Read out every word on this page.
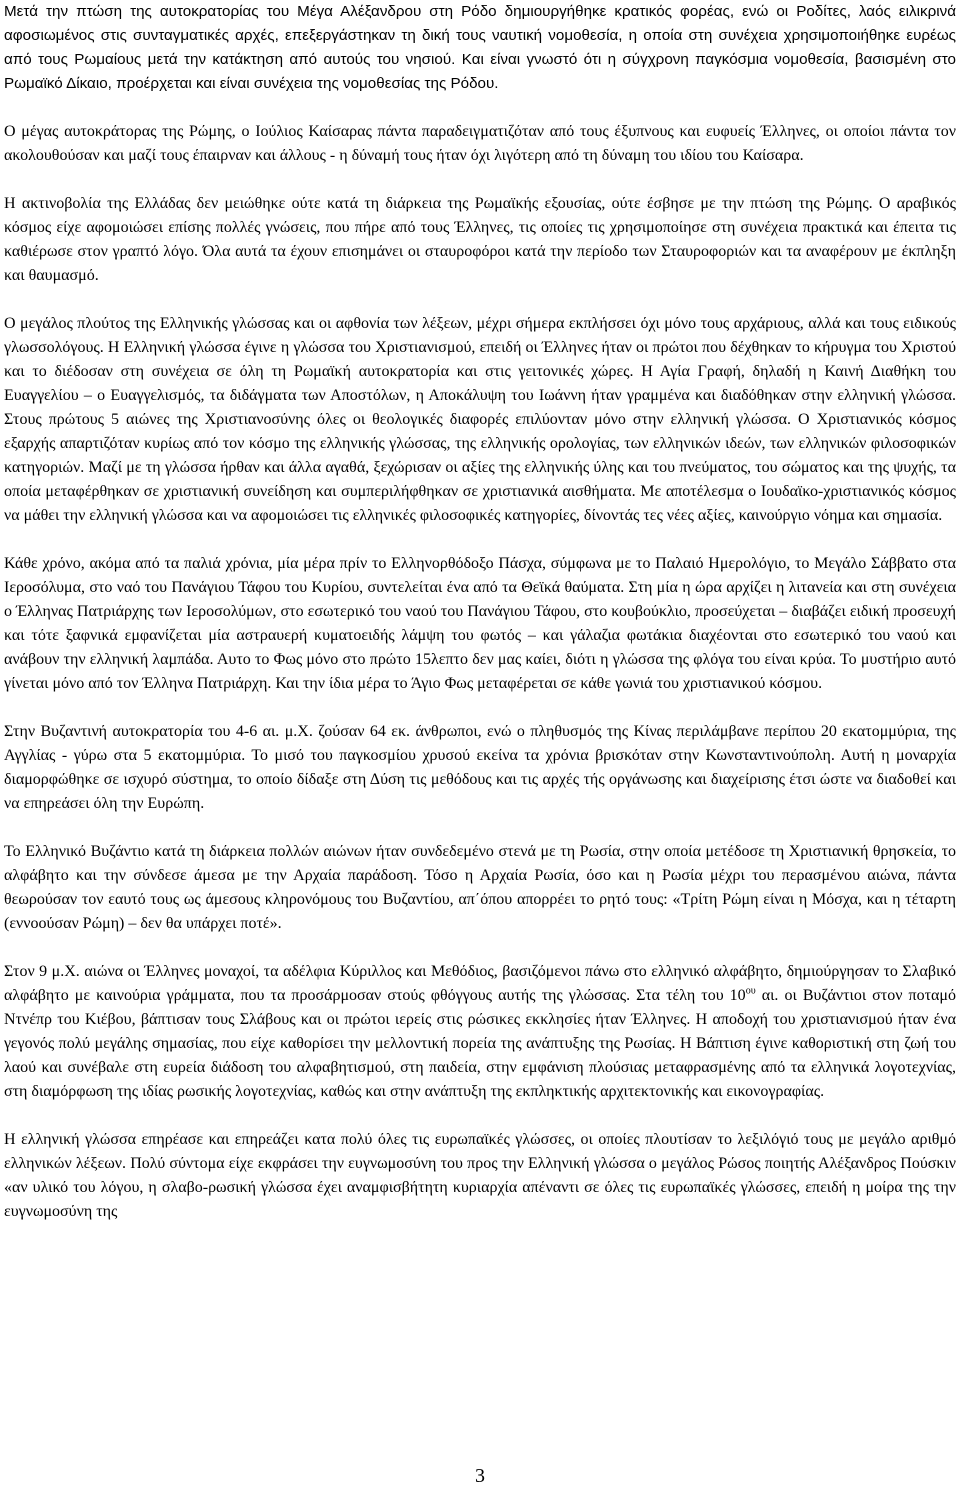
Μετά την πτώση της αυτοκρατορίας του Μέγα Αλέξανδρου στη Ρόδο δημιουργήθηκε κρατικός φορέας, ενώ οι Ροδίτες, λαός ειλικρινά αφοσιωμένος στις συνταγματικές αρχές, επεξεργάστηκαν τη δική τους ναυτική νομοθεσία, η οποία στη συνέχεια χρησιμοποιήθηκε ευρέως από τους Ρωμαίους μετά την κατάκτηση από αυτούς του νησιού. Και είναι γνωστό ότι η σύγχρονη παγκόσμια νομοθεσία, βασισμένη στο Ρωμαϊκό Δίκαιο, προέρχεται και είναι συνέχεια της νομοθεσίας της Ρόδου.

Ο μέγας αυτοκράτορας της Ρώμης, ο Ιούλιος Καίσαρας πάντα παραδειγματιζόταν από τους έξυπνους και ευφυείς Έλληνες, οι οποίοι πάντα τον ακολουθούσαν και μαζί τους έπαιρναν και άλλους - η δύναμή τους ήταν όχι λιγότερη από τη δύναμη του ιδίου του Καίσαρα.

Η ακτινοβολία της Ελλάδας δεν μειώθηκε ούτε κατά τη διάρκεια της Ρωμαϊκής εξουσίας, ούτε έσβησε με την πτώση της Ρώμης. Ο αραβικός κόσμος είχε αφομοιώσει επίσης πολλές γνώσεις, που πήρε από τους Έλληνες, τις οποίες τις χρησιμοποίησε στη συνέχεια πρακτικά και έπειτα τις καθιέρωσε στον γραπτό λόγο. Όλα αυτά τα έχουν επισημάνει οι σταυροφόροι κατά την περίοδο των Σταυροφοριών και τα αναφέρουν με έκπληξη και θαυμασμό.

Ο μεγάλος πλούτος της Ελληνικής γλώσσας και οι αφθονία των λέξεων, μέχρι σήμερα εκπλήσσει όχι μόνο τους αρχάριους, αλλά και τους ειδικούς γλωσσολόγους. Η Ελληνική γλώσσα έγινε η γλώσσα του Χριστιανισμού, επειδή οι Έλληνες ήταν οι πρώτοι που δέχθηκαν το κήρυγμα του Χριστού και το διέδοσαν στη συνέχεια σε όλη τη Ρωμαϊκή αυτοκρατορία και στις γειτονικές χώρες. Η Αγία Γραφή, δηλαδή η Καινή Διαθήκη του Ευαγγελίου – ο Ευαγγελισμός, τα διδάγματα των Αποστόλων, η Αποκάλυψη του Ιωάννη ήταν γραμμένα και διαδόθηκαν στην ελληνική γλώσσα. Στους πρώτους 5 αιώνες της Χριστιανοσύνης όλες οι θεολογικές διαφορές επιλύονταν μόνο στην ελληνική γλώσσα. Ο Χριστιανικός κόσμος εξαρχής απαρτιζόταν κυρίως από τον κόσμο της ελληνικής γλώσσας, της ελληνικής ορολογίας, των ελληνικών ιδεών, των ελληνικών φιλοσοφικών κατηγοριών. Μαζί με τη γλώσσα ήρθαν και άλλα αγαθά, ξεχώρισαν οι αξίες της ελληνικής ύλης και του πνεύματος, του σώματος και της ψυχής, τα οποία μεταφέρθηκαν σε χριστιανική συνείδηση και συμπεριλήφθηκαν σε χριστιανικά αισθήματα. Με αποτέλεσμα ο Ιουδαϊκο-χριστιανικός κόσμος να μάθει την ελληνική γλώσσα και να αφομοιώσει τις ελληνικές φιλοσοφικές κατηγορίες, δίνοντάς τες νέες αξίες, καινούργιο νόημα και σημασία.

Κάθε χρόνο, ακόμα από τα παλιά χρόνια, μία μέρα πρίν το Ελληνορθόδοξο Πάσχα, σύμφωνα με το Παλαιό Ημερολόγιο, το Μεγάλο Σάββατο στα Ιεροσόλυμα, στο ναό του Πανάγιου Τάφου του Κυρίου, συντελείται ένα από τα Θεϊκά θαύματα. Στη μία η ώρα αρχίζει η λιτανεία και στη συνέχεια ο Έλληνας Πατριάρχης των Ιεροσολύμων, στο εσωτερικό του ναού του Πανάγιου Τάφου, στο κουβούκλιο, προσεύχεται – διαβάζει ειδική προσευχή και τότε ξαφνικά εμφανίζεται μία αστραυερή κυματοειδής λάμψη του φωτός – και γάλαζια φωτάκια διαχέονται στο εσωτερικό του ναού και ανάβουν την ελληνική λαμπάδα. Αυτο το Φως μόνο στο πρώτο 15λεπτο δεν μας καίει, διότι η γλώσσα της φλόγα του είναι κρύα. Το μυστήριο αυτό γίνεται μόνο από τον Έλληνα Πατριάρχη. Και την ίδια μέρα το Άγιο Φως μεταφέρεται σε κάθε γωνιά του χριστιανικού κόσμου.

Στην Βυζαντινή αυτοκρατορία του 4-6 αι. μ.Χ. ζούσαν 64 εκ. άνθρωποι, ενώ ο πληθυσμός της Κίνας περιλάμβανε περίπου 20 εκατομμύρια, της Αγγλίας - γύρω στα 5 εκατομμύρια. Το μισό του παγκοσμίου χρυσού εκείνα τα χρόνια βρισκόταν στην Κωνσταντινούπολη. Αυτή η μοναρχία διαμορφώθηκε σε ισχυρό σύστημα, το οποίο δίδαξε στη Δύση τις μεθόδους και τις αρχές τής οργάνωσης και διαχείρισης έτσι ώστε να διαδοθεί και να επηρεάσει όλη την Ευρώπη.

Το Ελληνικό Βυζάντιο κατά τη διάρκεια πολλών αιώνων ήταν συνδεδεμένο στενά με τη Ρωσία, στην οποία μετέδοσε τη Χριστιανική θρησκεία, το αλφάβητο και την σύνδεσε άμεσα με την Αρχαία παράδοση. Τόσο η Αρχαία Ρωσία, όσο και η Ρωσία μέχρι του περασμένου αιώνα, πάντα θεωρούσαν τον εαυτό τους ως άμεσους κληρονόμους του Βυζαντίου, απ΄όπου απορρέει το ρητό τους: «Τρίτη Ρώμη είναι η Μόσχα, και η τέταρτη (εννοούσαν Ρώμη) – δεν θα υπάρχει ποτέ».

Στον 9 μ.Χ. αιώνα οι Έλληνες μοναχοί, τα αδέλφια Κύριλλος και Μεθόδιος, βασιζόμενοι πάνω στο ελληνικό αλφάβητο, δημιούργησαν το Σλαβικό αλφάβητο με καινούρια γράμματα, που τα προσάρμοσαν στούς φθόγγους αυτής της γλώσσας. Στα τέλη του $10^{o\upsilon}$ αι. οι Βυζάντιοι στον ποταμό Ντνέπρ του Κιέβου, βάπτισαν τους Σλάβους και οι πρώτοι ιερείς στις ρώσικες εκκλησίες ήταν Έλληνες. Η αποδοχή του χριστιανισμού ήταν ένα γεγονός πολύ μεγάλης σημασίας, που είχε καθορίσει την μελλοντική πορεία της ανάπτυξης της Ρωσίας. Η Βάπτιση έγινε καθοριστική στη ζωή του λαού και συνέβαλε στη ευρεία διάδοση του αλφαβητισμού, στη παιδεία, στην εμφάνιση πλούσιας μεταφρασμένης από τα ελληνικά λογοτεχνίας, στη διαμόρφωση της ιδίας ρωσικής λογοτεχνίας, καθώς και στην ανάπτυξη της εκπληκτικής αρχιτεκτονικής και εικονογραφίας.

Η ελληνική γλώσσα επηρέασε και επηρεάζει κατα πολύ όλες τις ευρωπαϊκές γλώσσες, οι οποίες πλουτίσαν το λεξιλόγιό τους με μεγάλο αριθμό ελληνικών λέξεων. Πολύ σύντομα είχε εκφράσει την ευγνωμοσύνη του προς την Ελληνική γλώσσα ο μεγάλος Ρώσος ποιητής Αλέξανδρος Πούσκιν «αν υλικό του λόγου, η σλαβο-ρωσική γλώσσα έχει αναμφισβήτητη κυριαρχία απέναντι σε όλες τις ευρωπαϊκές γλώσσες, επειδή η μοίρα της την ευγνωμοσύνη της

3
